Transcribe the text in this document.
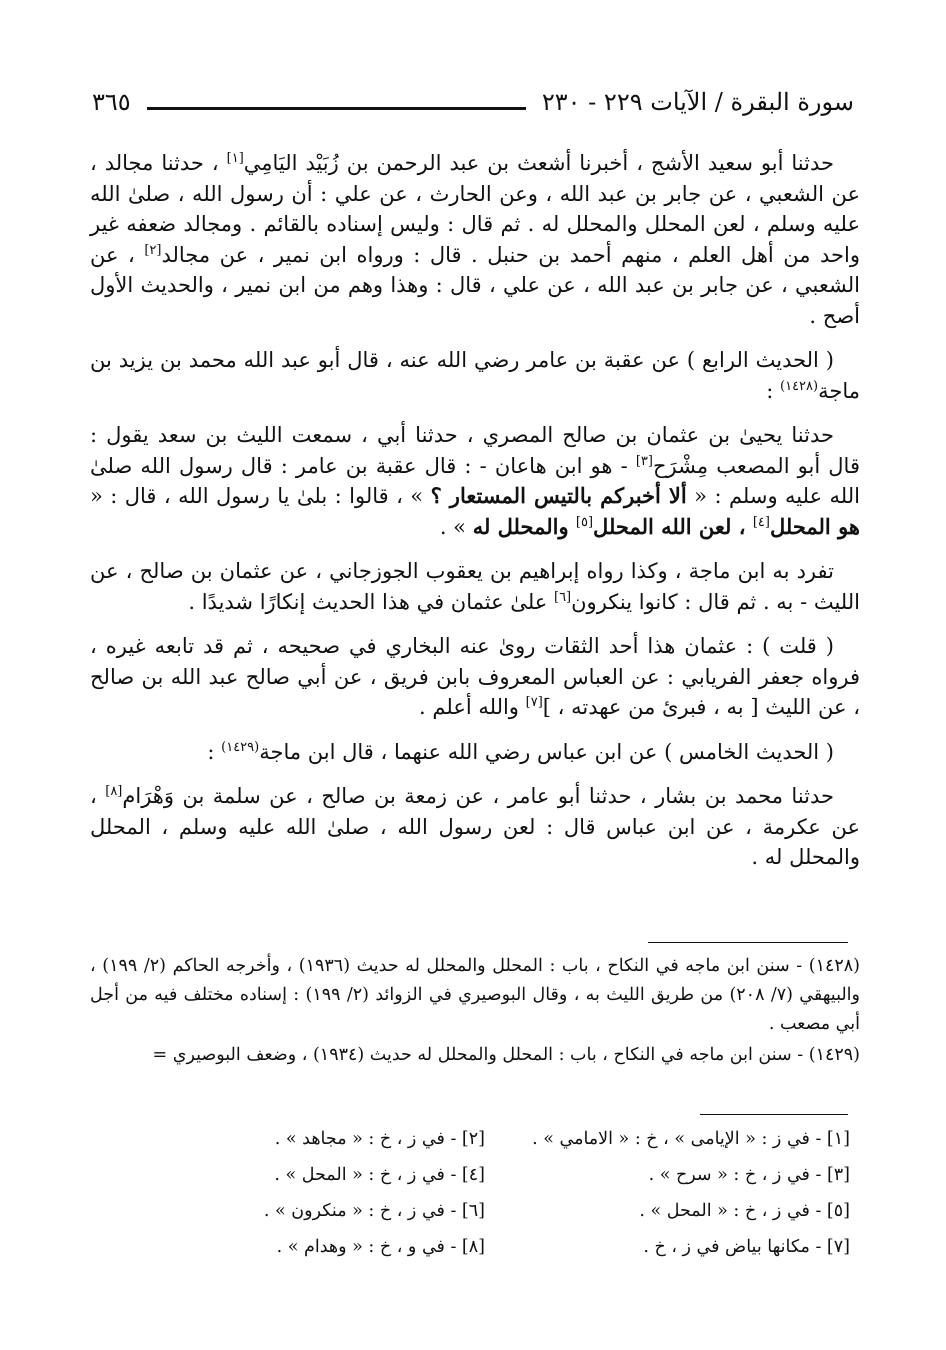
سورة البقرة / الآيات ٢٢٩ - ٢٣٠
٣٦٥

حدثنا أبو سعيد الأشج ، أخبرنا أشعث بن عبد الرحمن بن زُبَيْد اليَامِي[١] ، حدثنا مجالد ، عن الشعبي ، عن جابر بن عبد الله ، وعن الحارث ، عن علي : أن رسول الله ، صلىٰ الله عليه وسلم ، لعن المحلل والمحلل له . ثم قال : وليس إسناده بالقائم . ومجالد ضعفه غير واحد من أهل العلم ، منهم أحمد بن حنبل . قال : ورواه ابن نمير ، عن مجالد[٢] ، عن الشعبي ، عن جابر بن عبد الله ، عن علي ، قال : وهذا وهم من ابن نمير ، والحديث الأول أصح .

( الحديث الرابع ) عن عقبة بن عامر رضي الله عنه ، قال أبو عبد الله محمد بن يزيد بن ماجة$^{(١٤٢٨)}$ :

حدثنا يحيىٰ بن عثمان بن صالح المصري ، حدثنا أبي ، سمعت الليث بن سعد يقول : قال أبو المصعب مِشْرَح[٣] - هو ابن هاعان - : قال عقبة بن عامر : قال رسول الله صلىٰ الله عليه وسلم : « ألا أخبركم بالتيس المستعار ؟ » ، قالوا : بلىٰ يا رسول الله ، قال : « هو المحلل[٤] ، لعن الله المحلل[٥] والمحلل له » .

تفرد به ابن ماجة ، وكذا رواه إبراهيم بن يعقوب الجوزجاني ، عن عثمان بن صالح ، عن الليث - به . ثم قال : كانوا ينكرون[٦] علىٰ عثمان في هذا الحديث إنكارًا شديدًا .

( قلت ) : عثمان هذا أحد الثقات روىٰ عنه البخاري في صحيحه ، ثم قد تابعه غيره ، فرواه جعفر الفريابي : عن العباس المعروف بابن فريق ، عن أبي صالح عبد الله بن صالح ، عن الليث [ به ، فبرئ من عهدته ، ][٧] والله أعلم .

( الحديث الخامس ) عن ابن عباس رضي الله عنهما ، قال ابن ماجة$^{(١٤٢٩)}$ :

حدثنا محمد بن بشار ، حدثنا أبو عامر ، عن زمعة بن صالح ، عن سلمة بن وَهْرَام[٨] ، عن عكرمة ، عن ابن عباس قال : لعن رسول الله ، صلىٰ الله عليه وسلم ، المحلل والمحلل له .

(١٤٢٨) - سنن ابن ماجه في النكاح ، باب : المحلل والمحلل له حديث (١٩٣٦) ، وأخرجه الحاكم (٢/ ١٩٩) ، والبيهقي (٧/ ٢٠٨) من طريق الليث به ، وقال البوصيري في الزوائد (٢/ ١٩٩) : إسناده مختلف فيه من أجل أبي مصعب .

(١٤٢٩) - سنن ابن ماجه في النكاح ، باب : المحلل والمحلل له حديث (١٩٣٤) ، وضعف البوصيري =

[١] - في ز : « الإيامى » ، خ : « الامامي » .
[٢] - في ز ، خ : « مجاهد » .
[٣] - في ز ، خ : « سرح » .
[٤] - في ز ، خ : « المحل » .
[٥] - في ز ، خ : « المحل » .
[٦] - في ز ، خ : « منكرون » .
[٧] - مكانها بياض في ز ، خ .
[٨] - في و ، خ : « وهدام » .
